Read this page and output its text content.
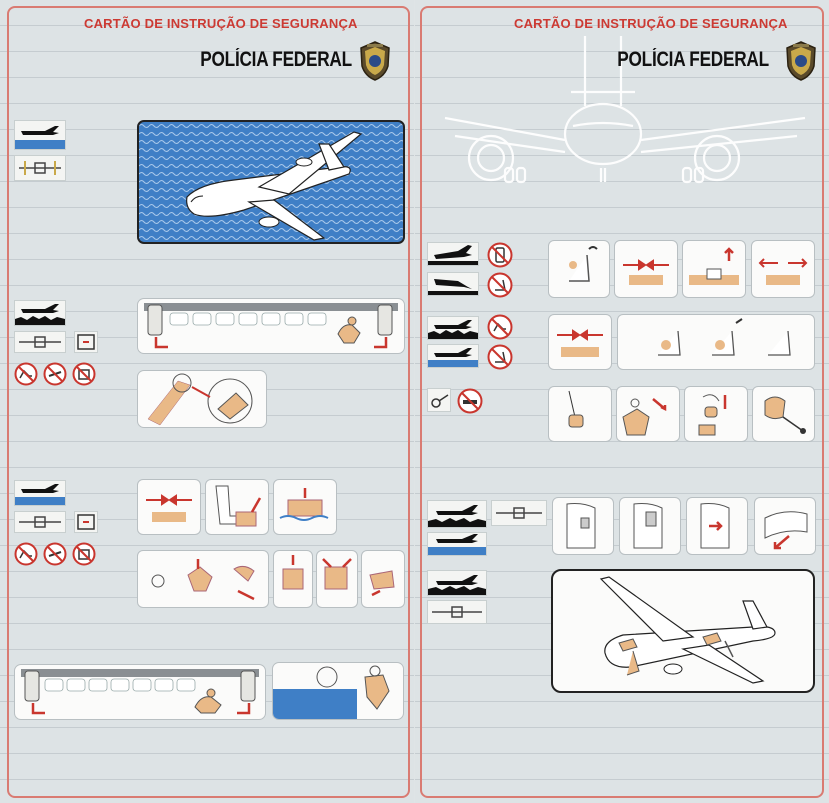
CARTÃO DE INSTRUÇÃO DE SEGURANÇA
POLÍCIA FEDERAL
CARTÃO DE INSTRUÇÃO DE SEGURANÇA
POLÍCIA FEDERAL
